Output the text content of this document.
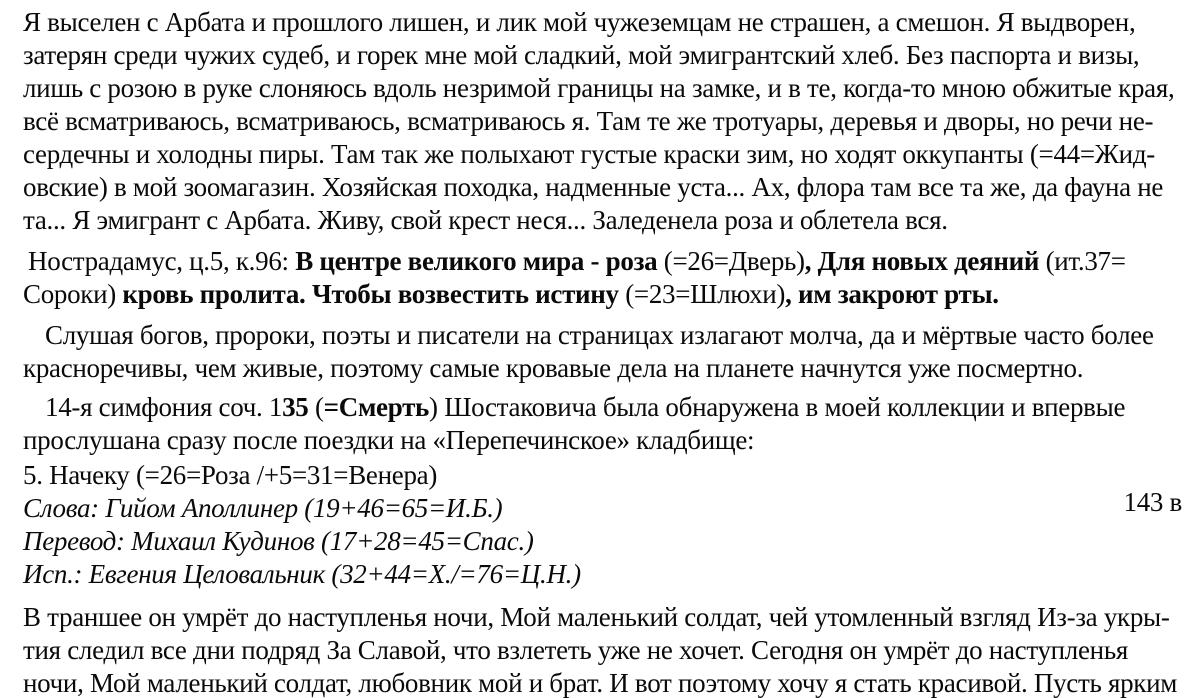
Я выселен с Арбата и прошлого лишен, и лик мой чужеземцам не страшен, а смешон. Я выдворен,
затерян среди чужих судеб, и горек мне мой сладкий, мой эмигрантский хлеб. Без паспорта и визы,
лишь с розою в руке слоняюсь вдоль незримой границы на замке, и в те, когда-то мною обжитые края,
всё всматриваюсь, всматриваюсь, всматриваюсь я. Там те же тротуары, деревья и дворы, но речи не-
сердечны и холодны пиры. Там так же полыхают густые краски зим, но ходят оккупанты (=44=Жид-
овские) в мой зоомагазин. Хозяйская походка, надменные уста... Ах, флора там все та же, да фауна не
та... Я эмигрант с Арбата. Живу, свой крест неся... Заледенела роза и облетела вся.
Нострадамус, ц.5, к.96: В центре великого мира - роза (=26=Дверь), Для новых деяний (ит.37=
Сороки) кровь пролита. Чтобы возвестить истину (=23=Шлюхи), им закроют рты.
Слушая богов, пророки, поэты и писатели на страницах излагают молча, да и мёртвые часто более
красноречивы, чем живые, поэтому самые кровавые дела на планете начнутся уже посмертно.
14-я симфония соч. 135 (=Смерть) Шостаковича была обнаружена в моей коллекции и впервые
прослушана сразу после поездки на «Перепечинское» кладбище:
5. Начеку (=26=Роза /+5=31=Венера)
Слова: Гийом Аполлинер (19+46=65=И.Б.)
Перевод: Михаил Кудинов (17+28=45=Спас.)
Исп.: Евгения Целовальник (32+44=Х./=76=Ц.Н.)
В траншее он умрёт до наступленья ночи, Мой маленький солдат, чей утомленный взгляд Из-за укры-
тия следил все дни подряд За Славой, что взлететь уже не хочет. Сегодня он умрёт до наступленья
ночи, Мой маленький солдат, любовник мой и брат. И вот поэтому хочу я стать красивой. Пусть ярким
143 в
